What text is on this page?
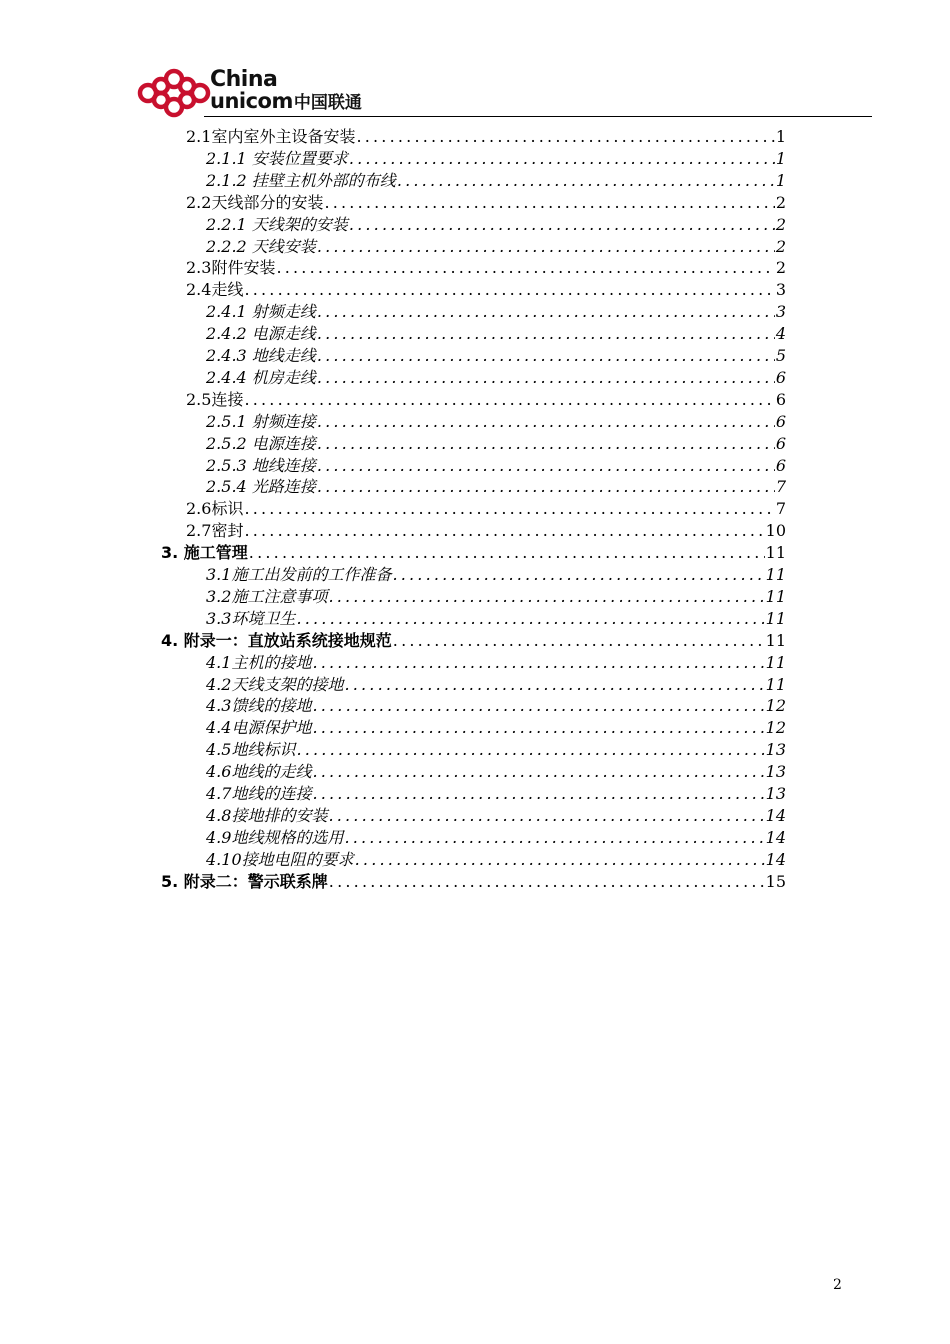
China
unicom中国联通
2.1室内室外主设备安装 .....	1
2.1.1 安装位置要求 .....	1
2.1.2 挂壁主机外部的布线 .....	1
2.2天线部分的安装 .....	2
2.2.1 天线架的安装 .....	2
2.2.2 天线安装 .....	2
2.3附件安装 .....	2
2.4走线 .....	3
2.4.1 射频走线 .....	3
2.4.2 电源走线 .....	4
2.4.3 地线走线 .....	5
2.4.4 机房走线 .....	6
2.5连接 .....	6
2.5.1 射频连接 .....	6
2.5.2 电源连接 .....	6
2.5.3 地线连接 .....	6
2.5.4 光路连接 .....	7
2.6标识 .....	7
2.7密封 .....	10
3. 施工管理 .....	11
3.1施工出发前的工作准备 .....	11
3.2施工注意事项 .....	11
3.3环境卫生 .....	11
4. 附录一：直放站系统接地规范 .....	11
4.1主机的接地 .....	11
4.2天线支架的接地 .....	11
4.3馈线的接地 .....	12
4.4电源保护地 .....	12
4.5地线标识 .....	13
4.6地线的走线 .....	13
4.7地线的连接 .....	13
4.8接地排的安装 .....	14
4.9地线规格的选用 .....	14
4.10接地电阻的要求 .....	14
5. 附录二：警示联系牌 .....	15
2
